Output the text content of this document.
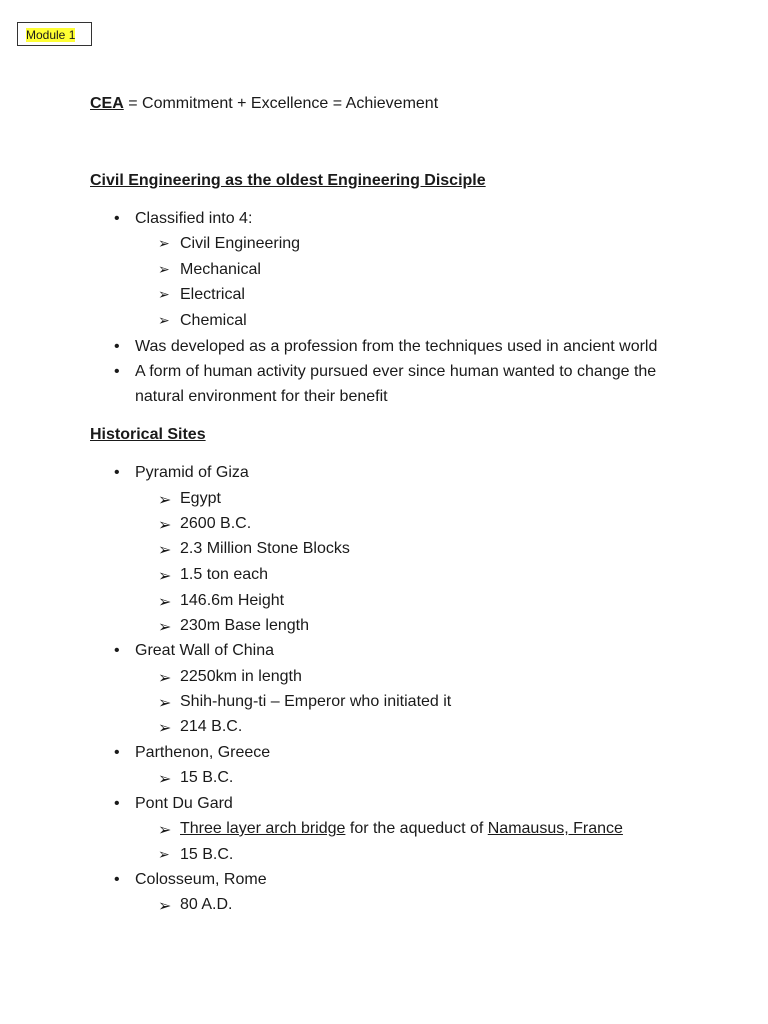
Module 1
CEA = Commitment + Excellence = Achievement
Civil Engineering as the oldest Engineering Disciple
• Classified into 4:
➢ Civil Engineering
➢ Mechanical
➢ Electrical
➢ Chemical
• Was developed as a profession from the techniques used in ancient world
• A form of human activity pursued ever since human wanted to change the
natural environment for their benefit
Historical Sites
• Pyramid of Giza
➢ Egypt
➢ 2600 B.C.
➢ 2.3 Million Stone Blocks
➢ 1.5 ton each
➢ 146.6m Height
➢ 230m Base length
• Great Wall of China
➢ 2250km in length
➢ Shih-hung-ti – Emperor who initiated it
➢ 214 B.C.
• Parthenon, Greece
➢ 15 B.C.
• Pont Du Gard
➢ Three layer arch bridge for the aqueduct of Namausus, France
➢ 15 B.C.
• Colosseum, Rome
➢ 80 A.D.
